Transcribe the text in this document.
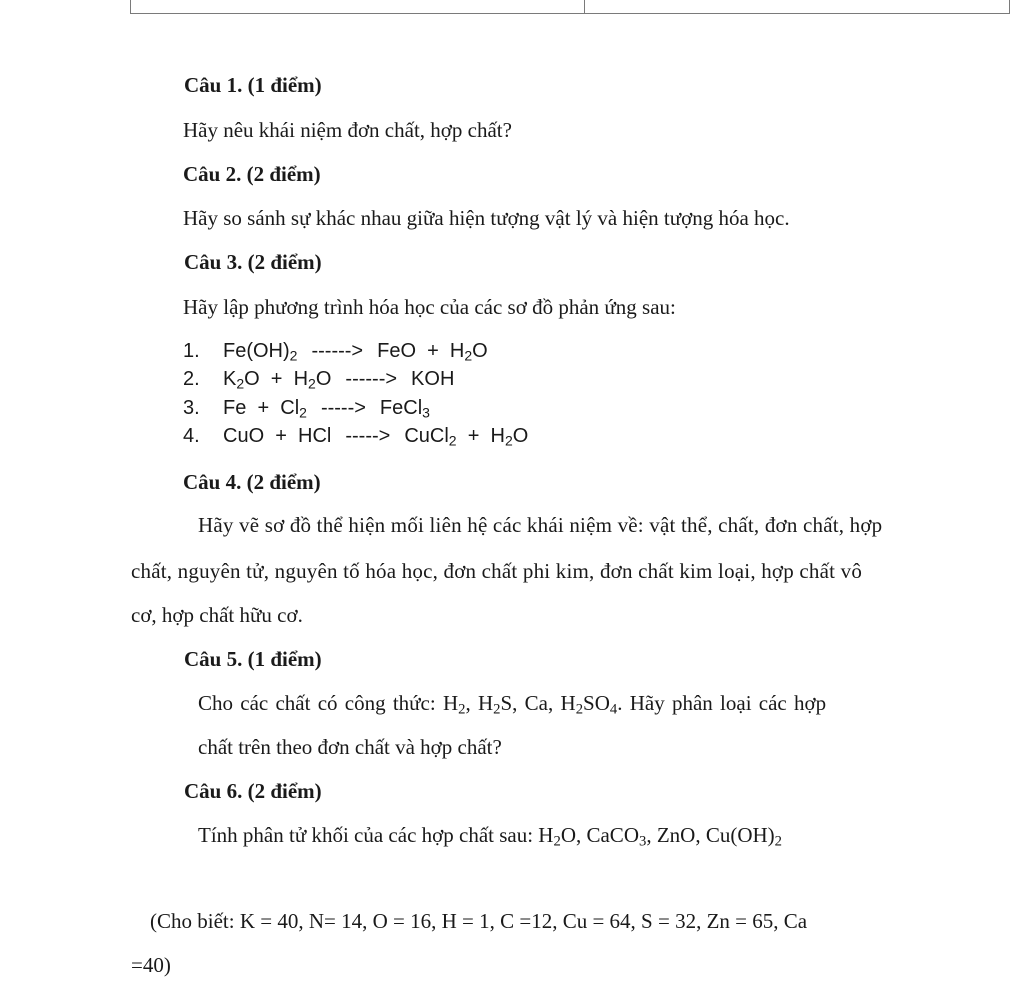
Câu 1. (1 điểm)
Hãy nêu khái niệm đơn chất, hợp chất?
Câu 2. (2 điểm)
Hãy so sánh sự khác nhau giữa hiện tượng vật lý và hiện tượng hóa học.
Câu 3. (2 điểm)
Hãy lập phương trình hóa học của các sơ đồ phản ứng sau:
1. $Fe(OH)_2$ ------> FeO  +  $H_2O$
2. $K_2O + H_2O$ ------> KOH
3. $Fe + Cl_2$ -----> FeCl$_3$
4. CuO  +  HCl -----> CuCl$_2$  +  $H_2O$
Câu 4. (2 điểm)
Hãy vẽ sơ đồ thể hiện mối liên hệ các khái niệm về: vật thể, chất, đơn chất, hợp
chất, nguyên tử, nguyên tố hóa học, đơn chất phi kim, đơn chất kim loại, hợp chất vô
cơ, hợp chất hữu cơ.
Câu 5. (1 điểm)
Cho các chất có công thức: $H_2$, $H_2S$, Ca, $H_2SO_4$. Hãy phân loại các hợp
chất trên theo đơn chất và hợp chất?
Câu 6. (2 điểm)
Tính phân tử khối của các hợp chất sau: $H_2O$, CaCO$_3$, ZnO, $Cu(OH)_2$
(Cho biết: K = 40, N= 14, O = 16, H = 1, C =12, Cu = 64, S = 32, Zn = 65, Ca
=40)
